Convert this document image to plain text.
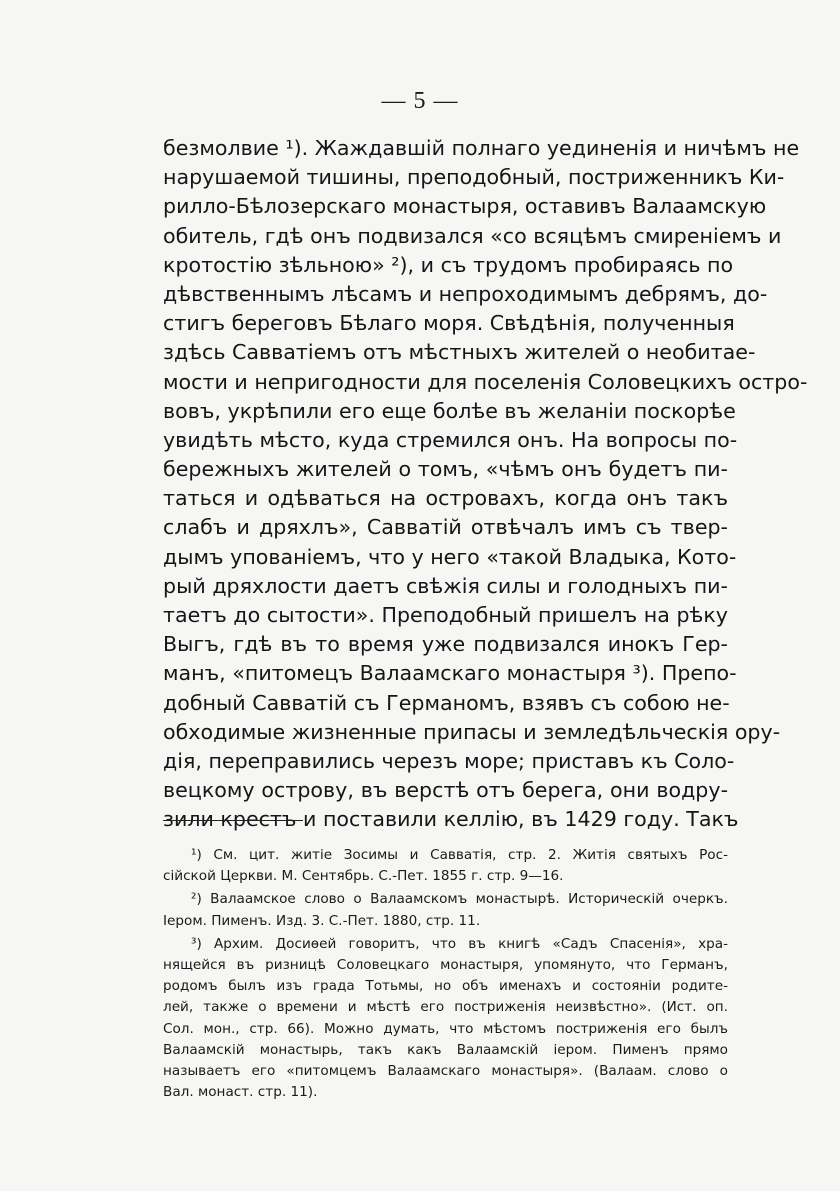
— 5 —
безмолвие ¹). Жаждавшій полнаго уединенія и ничѣмъ не
нарушаемой тишины, преподобный, постриженникъ Ки-
рилло-Бѣлозерскаго монастыря, оставивъ Валаамскую
обитель, гдѣ онъ подвизался «со всяцѣмъ смиреніемъ и
кротостію зѣльною» ²), и съ трудомъ пробираясь по
дѣвственнымъ лѣсамъ и непроходимымъ дебрямъ, до-
стигъ береговъ Бѣлаго моря. Свѣдѣнія, полученныя
здѣсь Савватіемъ отъ мѣстныхъ жителей о необитае-
мости и непригодности для поселенія Соловецкихъ остро-
вовъ, укрѣпили его еще болѣе въ желаніи поскорѣе
увидѣть мѣсто, куда стремился онъ. На вопросы по-
бережныхъ жителей о томъ, «чѣмъ онъ будетъ пи-
таться и одѣваться на островахъ, когда онъ такъ
слабъ и дряхлъ», Савватій отвѣчалъ имъ съ твер-
дымъ упованіемъ, что у него «такой Владыка, Кото-
рый дряхлости даетъ свѣжія силы и голодныхъ пи-
таетъ до сытости». Преподобный пришелъ на рѣку
Выгъ, гдѣ въ то время уже подвизался инокъ Гер-
манъ, «питомецъ Валаамскаго монастыря ³). Препо-
добный Савватій съ Германомъ, взявъ съ собою не-
обходимые жизненные припасы и земледѣльческія ору-
дія, переправились черезъ море; приставъ къ Соло-
вецкому острову, въ верстѣ отъ берега, они водру-
зили крестъ и поставили келлію, въ 1429 году. Такъ
¹) См. цит. житіе Зосимы и Савватія, стр. 2. Житія святыхъ Рос-
сійской Церкви. М. Сентябрь. С.-Пет. 1855 г. стр. 9—16.
²) Валаамское слово о Валаамскомъ монастырѣ. Историческій очеркъ.
Іером. Пименъ. Изд. 3. С.-Пет. 1880, стр. 11.
³) Архим. Досиѳей говоритъ, что въ книгѣ «Садъ Спасенія», хра-
нящейся въ ризницѣ Соловецкаго монастыря, упомянуто, что Германъ,
родомъ былъ изъ града Тотьмы, но объ именахъ и состояніи родите-
лей, также о времени и мѣстѣ его постриженія неизвѣстно». (Ист. оп.
Сол. мон., стр. 66). Можно думать, что мѣстомъ постриженія его былъ
Валаамскій монастырь, такъ какъ Валаамскій іером. Пименъ прямо
называетъ его «питомцемъ Валаамскаго монастыря». (Валаам. слово о
Вал. монаст. стр. 11).
